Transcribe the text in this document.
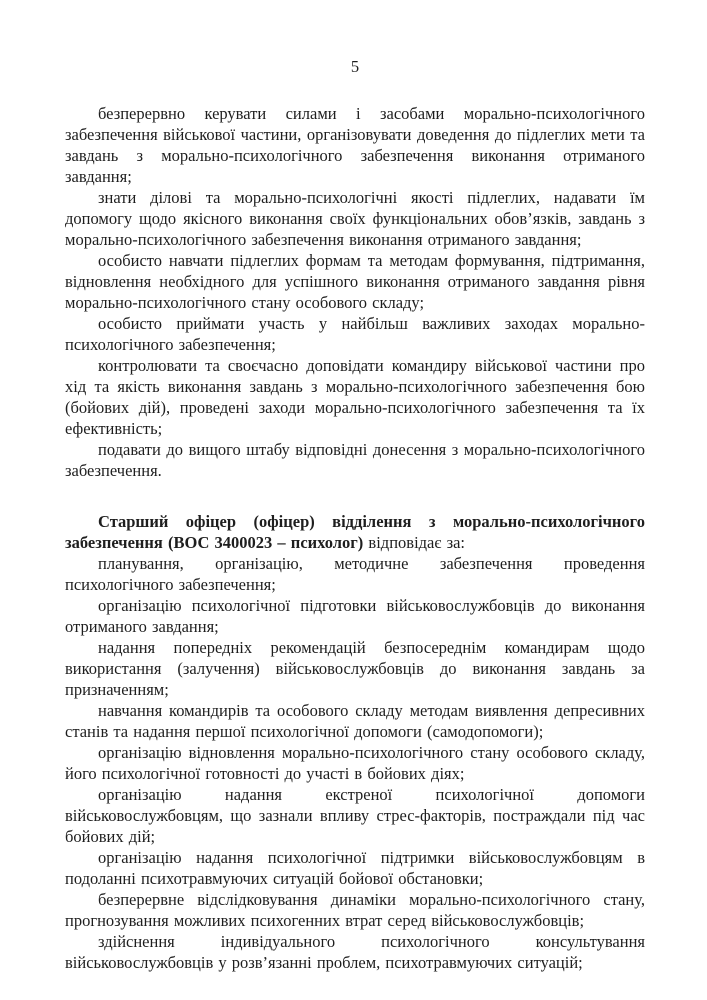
5

безперервно керувати силами і засобами морально-психологічного забезпечення військової частини, організовувати доведення до підлеглих мети та завдань з морально-психологічного забезпечення виконання отриманого завдання;

знати ділові та морально-психологічні якості підлеглих, надавати їм допомогу щодо якісного виконання своїх функціональних обов’язків, завдань з морально-психологічного забезпечення виконання отриманого завдання;

особисто навчати підлеглих формам та методам формування, підтримання, відновлення необхідного для успішного виконання отриманого завдання рівня морально-психологічного стану особового складу;

особисто приймати участь у найбільш важливих заходах морально-психологічного забезпечення;

контролювати та своєчасно доповідати командиру військової частини про хід та якість виконання завдань з морально-психологічного забезпечення бою (бойових дій), проведені заходи морально-психологічного забезпечення та їх ефективність;

подавати до вищого штабу відповідні донесення з морально-психологічного забезпечення.

Старший офіцер (офіцер) відділення з морально-психологічного забезпечення (ВОС 3400023 – психолог) відповідає за:

планування, організацію, методичне забезпечення проведення психологічного забезпечення;

організацію психологічної підготовки військовослужбовців до виконання отриманого завдання;

надання попередніх рекомендацій безпосереднім командирам щодо використання (залучення) військовослужбовців до виконання завдань за призначенням;

навчання командирів та особового складу методам виявлення депресивних станів та надання першої психологічної допомоги (самодопомоги);

організацію відновлення морально-психологічного стану особового складу, його психологічної готовності до участі в бойових діях;

організацію надання екстреної психологічної допомоги військовослужбовцям, що зазнали впливу стрес-факторів, постраждали під час бойових дій;

організацію надання психологічної підтримки військовослужбовцям в подоланні психотравмуючих ситуацій бойової обстановки;

безперервне відслідковування динаміки морально-психологічного стану, прогнозування можливих психогенних втрат серед військовослужбовців;

здійснення індивідуального психологічного консультування військовослужбовців у розв’язанні проблем, психотравмуючих ситуацій;
